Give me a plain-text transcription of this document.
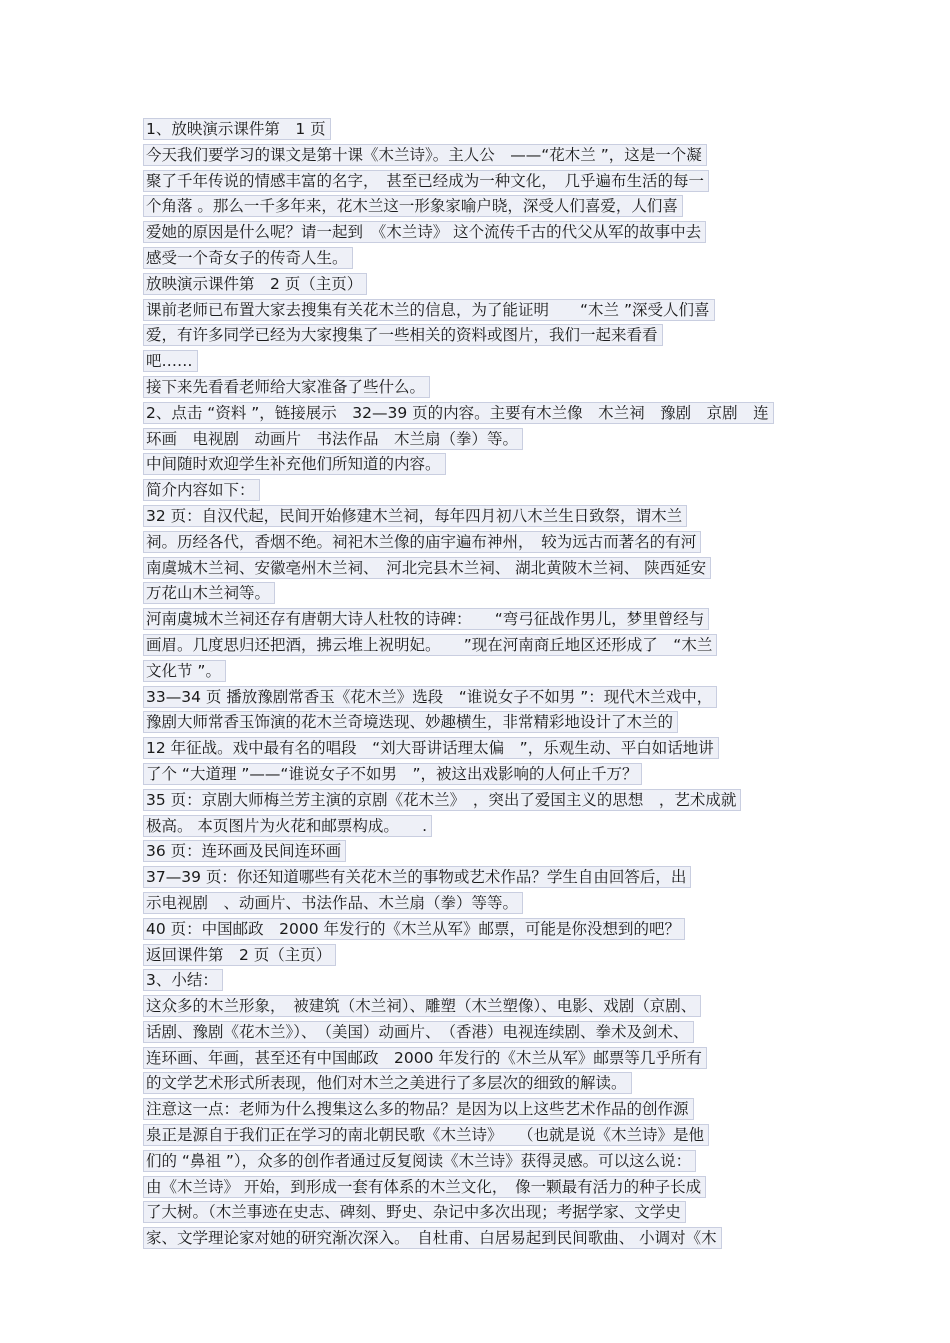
1、放映演示课件第　1 页
今天我们要学习的课文是第十课《木兰诗》。主人公　——“花木兰 ”，这是一个凝
聚了千年传说的情感丰富的名字，　甚至已经成为一种文化，　几乎遍布生活的每一
个角落 。那么一千多年来，花木兰这一形象家喻户晓，深受人们喜爱，人们喜
爱她的原因是什么呢？请一起到　《木兰诗》 这个流传千古的代父从军的故事中去
感受一个奇女子的传奇人生。
放映演示课件第　2 页（主页）
课前老师已布置大家去搜集有关花木兰的信息，为了能证明　　“木兰 ”深受人们喜
爱，有许多同学已经为大家搜集了一些相关的资料或图片，我们一起来看看
吧……
接下来先看看老师给大家准备了些什么。
2、点击 “资料 ”，链接展示　32—39 页的内容。主要有木兰像　木兰祠　豫剧　京剧　连
环画　电视剧　动画片　书法作品　木兰扇（拳）等。
中间随时欢迎学生补充他们所知道的内容。
简介内容如下：
32 页：自汉代起，民间开始修建木兰祠，每年四月初八木兰生日致祭，谓木兰
祠。历经各代，香烟不绝。祠祀木兰像的庙宇遍布神州，　较为远古而著名的有河
南虞城木兰祠、安徽亳州木兰祠、　河北完县木兰祠、 湖北黄陂木兰祠、 陕西延安
万花山木兰祠等。
河南虞城木兰祠还存有唐朝大诗人杜牧的诗碑：　　“弯弓征战作男儿，梦里曾经与
画眉。几度思归还把酒，拂云堆上祝明妃。　　”现在河南商丘地区还形成了　“木兰
文化节 ”。
33—34 页 播放豫剧常香玉《花木兰》选段　“谁说女子不如男 ”：现代木兰戏中，
豫剧大师常香玉饰演的花木兰奇境迭现、妙趣横生，非常精彩地设计了木兰的
12 年征战。戏中最有名的唱段　“刘大哥讲话理太偏　”，乐观生动、平白如话地讲
了个 “大道理 ”——“谁说女子不如男　”，被这出戏影响的人何止千万？
35 页：京剧大师梅兰芳主演的京剧《花木兰》　，突出了爱国主义的思想　，艺术成就
极高。 本页图片为火花和邮票构成。　　.
36 页：连环画及民间连环画
37—39 页：你还知道哪些有关花木兰的事物或艺术作品？学生自由回答后，出
示电视剧　、动画片、书法作品、木兰扇（拳）等等。
40 页：中国邮政　2000 年发行的《木兰从军》邮票，可能是你没想到的吧？
返回课件第　2 页（主页）
3、小结：
这众多的木兰形象，　被建筑（木兰祠）、雕塑（木兰塑像）、电影、戏剧（京剧、
话剧、豫剧《花木兰》）、　（美国）动画片、　（香港）电视连续剧、拳术及剑术、
连环画、年画，甚至还有中国邮政　2000 年发行的《木兰从军》邮票等几乎所有
的文学艺术形式所表现，他们对木兰之美进行了多层次的细致的解读。
注意这一点：老师为什么搜集这么多的物品？是因为以上这些艺术作品的创作源
泉正是源自于我们正在学习的南北朝民歌《木兰诗》　　（也就是说《木兰诗》是他
们的 “鼻祖 ”），众多的创作者通过反复阅读《木兰诗》获得灵感。可以这么说：
由《木兰诗》 开始，到形成一套有体系的木兰文化，　像一颗最有活力的种子长成
了大树。（木兰事迹在史志、碑刻、野史、杂记中多次出现；考据学家、文学史
家、文学理论家对她的研究渐次深入。　自杜甫、白居易起到民间歌曲、 小调对《木
